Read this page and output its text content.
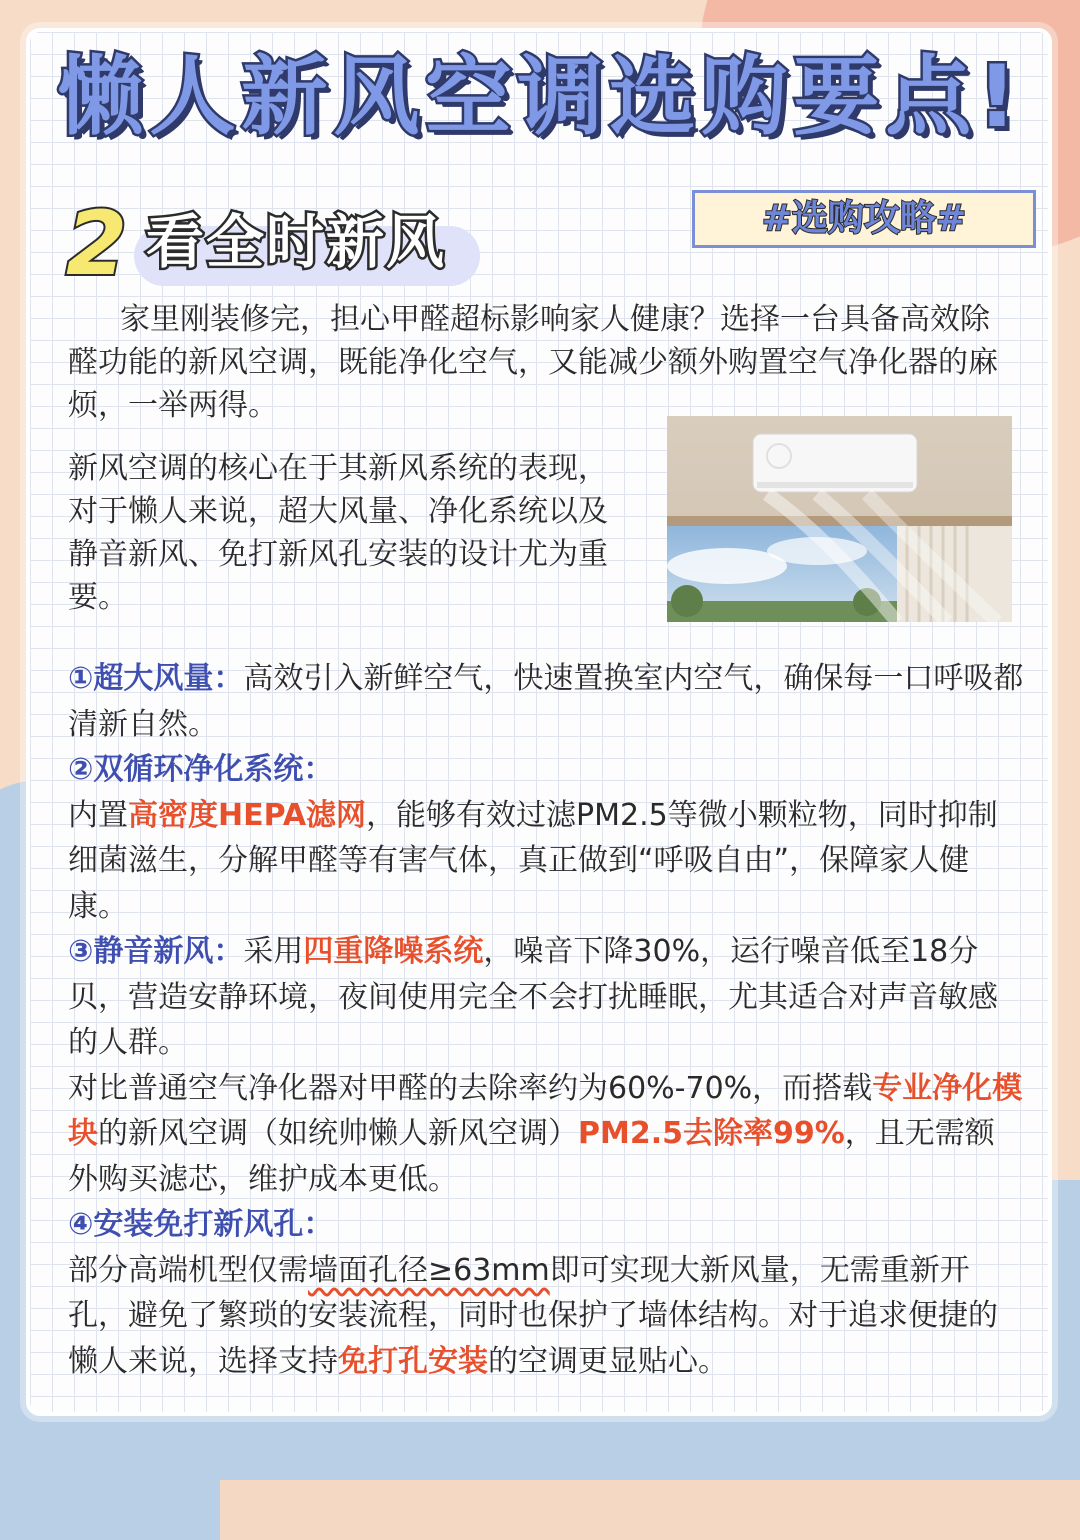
懒人新风空调选购要点!
2 看全时新风	#选购攻略#

家里刚装修完，担心甲醛超标影响家人健康？选择一台具备高效除醛功能的新风空调，既能净化空气，又能减少额外购置空气净化器的麻烦，一举两得。

新风空调的核心在于其新风系统的表现，对于懒人来说，超大风量、净化系统以及静音新风、免打新风孔安装的设计尤为重要。

①超大风量：高效引入新鲜空气，快速置换室内空气，确保每一口呼吸都清新自然。

②双循环净化系统：

内置高密度HEPA滤网，能够有效过滤PM2.5等微小颗粒物，同时抑制细菌滋生，分解甲醛等有害气体，真正做到“呼吸自由”，保障家人健康。

③静音新风：采用四重降噪系统，噪音下降30%，运行噪音低至18分贝，营造安静环境，夜间使用完全不会打扰睡眠，尤其适合对声音敏感的人群。

对比普通空气净化器对甲醛的去除率约为60%-70%，而搭载专业净化模块的新风空调（如统帅懒人新风空调）PM2.5去除率99%，且无需额外购买滤芯，维护成本更低。

④安装免打新风孔：

部分高端机型仅需墙面孔径≥63mm即可实现大新风量，无需重新开孔，避免了繁琐的安装流程，同时也保护了墙体结构。对于追求便捷的懒人来说，选择支持免打孔安装的空调更显贴心。
